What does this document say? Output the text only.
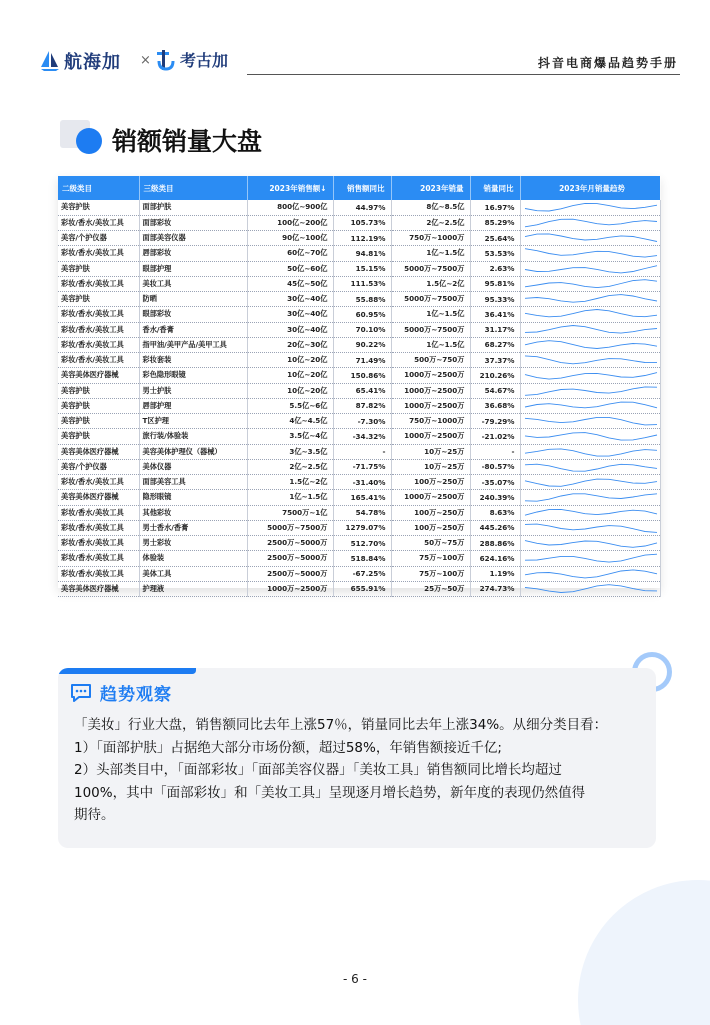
航海加 × 考古加	抖音电商爆品趋势手册
销额销量大盘
二级类目	三级类目	2023年销售额↓	销售额同比	2023年销量	销量同比	2023年月销量趋势
美容护肤	面部护肤	800亿~900亿	44.97%	8亿~8.5亿	16.97%	

彩妆/香水/美妆工具	面部彩妆	100亿~200亿	105.73%	2亿~2.5亿	85.29%	

美容/个护仪器	面部美容仪器	90亿~100亿	112.19%	750万~1000万	25.64%	

彩妆/香水/美妆工具	唇部彩妆	60亿~70亿	94.81%	1亿~1.5亿	53.53%	

美容护肤	眼部护理	50亿~60亿	15.15%	5000万~7500万	2.63%	

彩妆/香水/美妆工具	美妆工具	45亿~50亿	111.53%	1.5亿~2亿	95.81%	

美容护肤	防晒	30亿~40亿	55.88%	5000万~7500万	95.33%	

彩妆/香水/美妆工具	眼部彩妆	30亿~40亿	60.95%	1亿~1.5亿	36.41%	

彩妆/香水/美妆工具	香水/香膏	30亿~40亿	70.10%	5000万~7500万	31.17%	

彩妆/香水/美妆工具	指甲油/美甲产品/美甲工具	20亿~30亿	90.22%	1亿~1.5亿	68.27%	

彩妆/香水/美妆工具	彩妆套装	10亿~20亿	71.49%	500万~750万	37.37%	

美容美体医疗器械	彩色隐形眼镜	10亿~20亿	150.86%	1000万~2500万	210.26%	

美容护肤	男士护肤	10亿~20亿	65.41%	1000万~2500万	54.67%	

美容护肤	唇部护理	5.5亿~6亿	87.82%	1000万~2500万	36.68%	

美容护肤	T区护理	4亿~4.5亿	-7.30%	750万~1000万	-79.29%	

美容护肤	旅行装/体验装	3.5亿~4亿	-34.32%	1000万~2500万	-21.02%	

美容美体医疗器械	美容美体护理仪（器械）	3亿~3.5亿	-	10万~25万	-	

美容/个护仪器	美体仪器	2亿~2.5亿	-71.75%	10万~25万	-80.57%	

彩妆/香水/美妆工具	面部美容工具	1.5亿~2亿	-31.40%	100万~250万	-35.07%	

美容美体医疗器械	隐形眼镜	1亿~1.5亿	165.41%	1000万~2500万	240.39%	

彩妆/香水/美妆工具	其他彩妆	7500万~1亿	54.78%	100万~250万	8.63%	

彩妆/香水/美妆工具	男士香水/香膏	5000万~7500万	1279.07%	100万~250万	445.26%	

彩妆/香水/美妆工具	男士彩妆	2500万~5000万	512.70%	50万~75万	288.86%	

彩妆/香水/美妆工具	体验装	2500万~5000万	518.84%	75万~100万	624.16%	

彩妆/香水/美妆工具	美体工具	2500万~5000万	-67.25%	75万~100万	1.19%	

美容美体医疗器械	护理液	1000万~2500万	655.91%	25万~50万	274.73%	
趋势观察

「美妆」行业大盘，销售额同比去年上涨57％，销量同比去年上涨34%。从细分类目看：

1）「面部护肤」占据绝大部分市场份额，超过58%，年销售额接近千亿;

2）头部类目中，「面部彩妆」「面部美容仪器」「美妆工具」销售额同比增长均超过

100%，其中「面部彩妆」和「美妆工具」呈现逐月增长趋势，新年度的表现仍然值得

期待。

- 6 -
